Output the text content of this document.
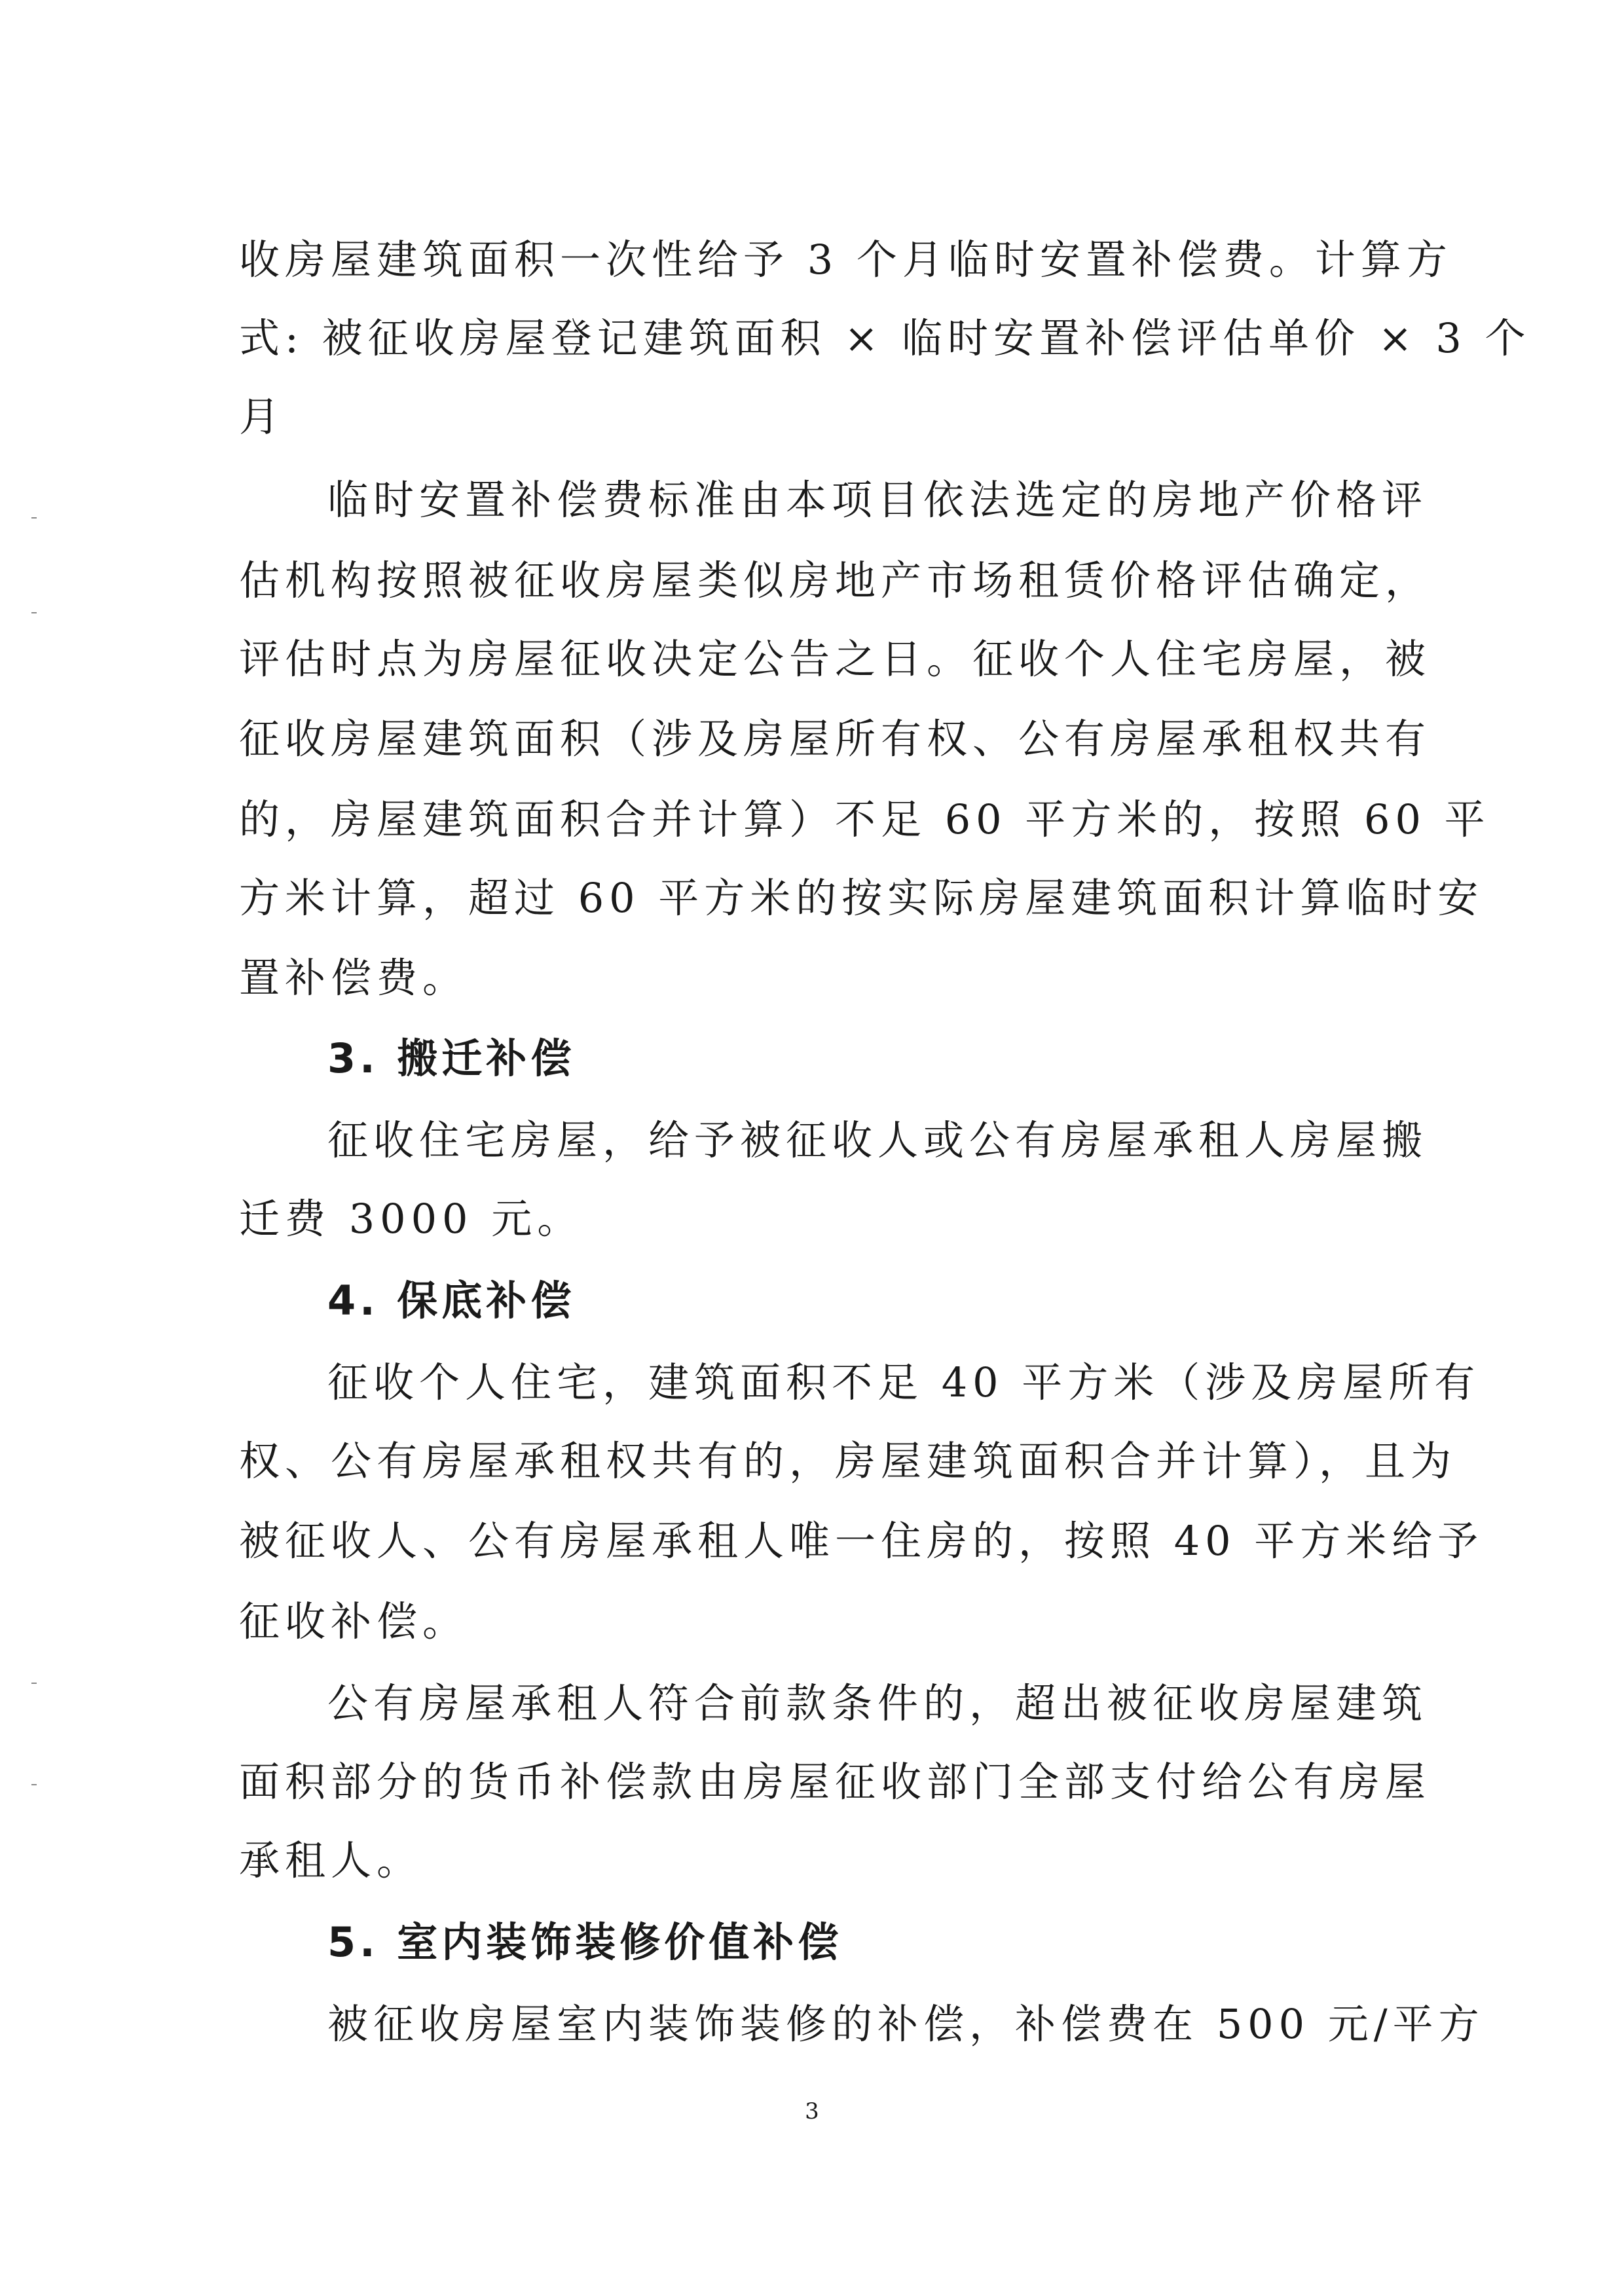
收房屋建筑面积一次性给予 3 个月临时安置补偿费。计算方
式: 被征收房屋登记建筑面积 × 临时安置补偿评估单价 × 3 个
月
临时安置补偿费标准由本项目依法选定的房地产价格评
估机构按照被征收房屋类似房地产市场租赁价格评估确定，
评估时点为房屋征收决定公告之日。征收个人住宅房屋，被
征收房屋建筑面积（涉及房屋所有权、公有房屋承租权共有
的，房屋建筑面积合并计算）不足 60 平方米的，按照 60 平
方米计算，超过 60 平方米的按实际房屋建筑面积计算临时安
置补偿费。
3. 搬迁补偿
征收住宅房屋，给予被征收人或公有房屋承租人房屋搬
迁费 3000 元。
4. 保底补偿
征收个人住宅，建筑面积不足 40 平方米（涉及房屋所有
权、公有房屋承租权共有的，房屋建筑面积合并计算），且为
被征收人、公有房屋承租人唯一住房的，按照 40 平方米给予
征收补偿。
公有房屋承租人符合前款条件的，超出被征收房屋建筑
面积部分的货币补偿款由房屋征收部门全部支付给公有房屋
承租人。
5. 室内装饰装修价值补偿
被征收房屋室内装饰装修的补偿，补偿费在 500 元/平方
3
